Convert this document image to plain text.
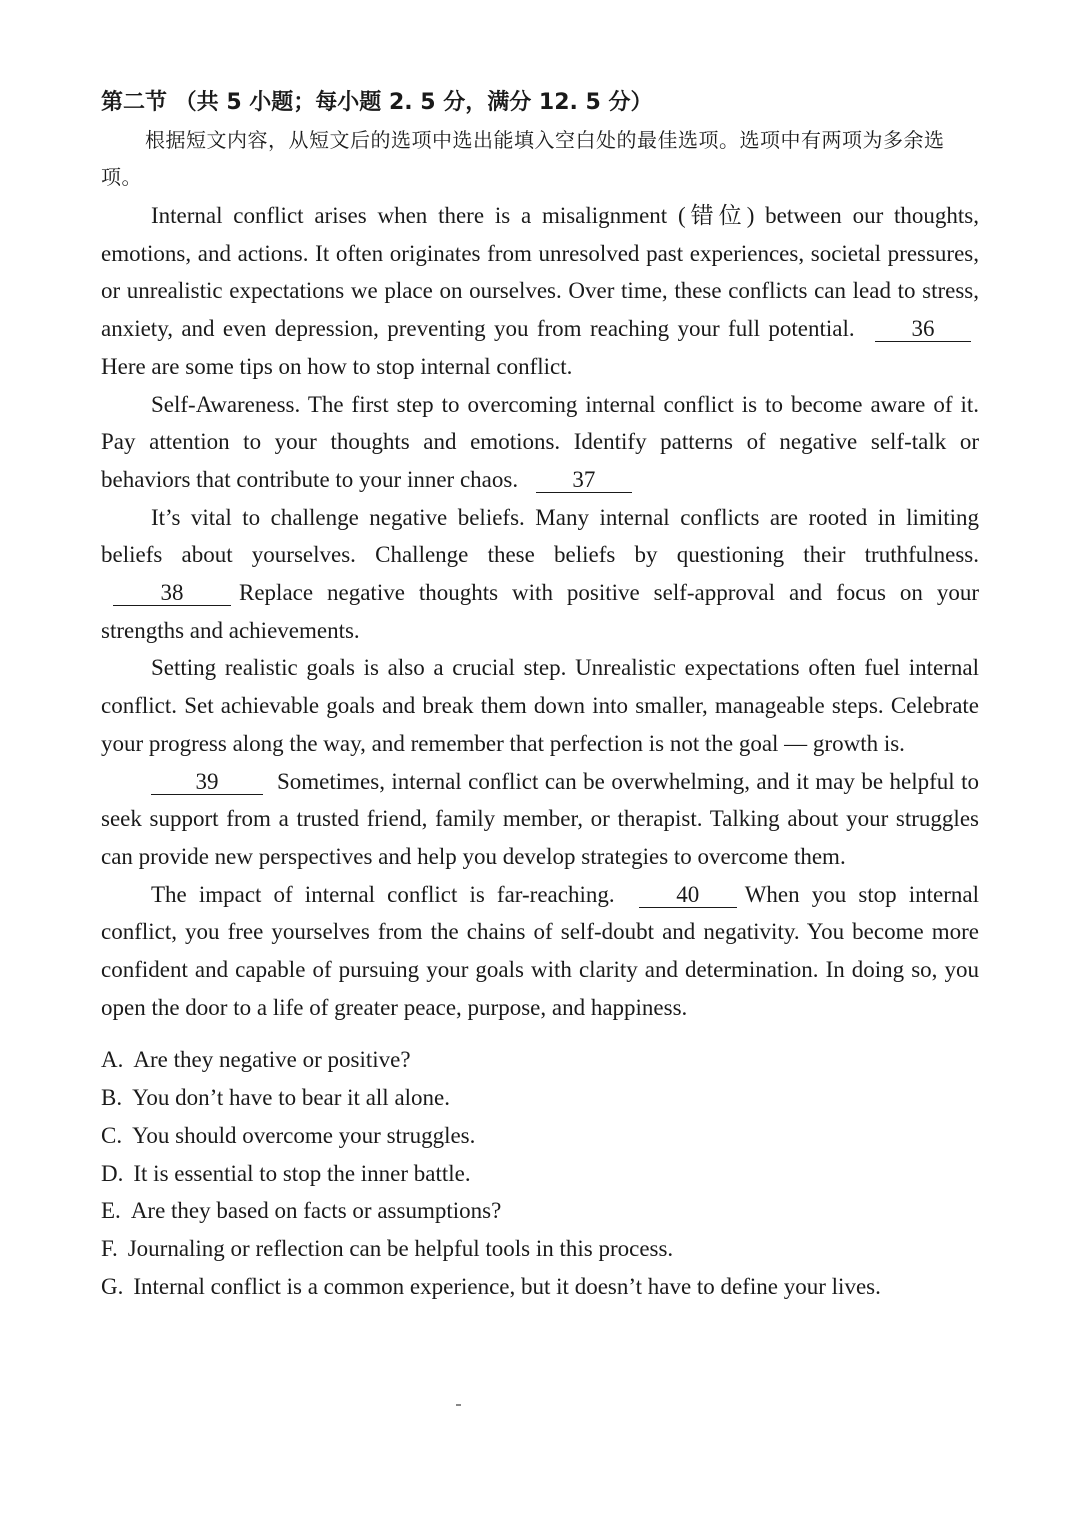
第二节 （共 5 小题；每小题 2. 5 分，满分 12. 5 分）

根据短文内容，从短文后的选项中选出能填入空白处的最佳选项。选项中有两项为多余选项。

Internal conflict arises when there is a misalignment (错位) between our thoughts, emotions, and actions. It often originates from unresolved past experiences, societal pressures, or unrealistic expectations we place on ourselves. Over time, these conflicts can lead to stress, anxiety, and even depression, preventing you from reaching your full potential. 36Here are some tips on how to stop internal conflict.

Self-Awareness. The first step to overcoming internal conflict is to become aware of it. Pay attention to your thoughts and emotions. Identify patterns of negative self-talk or behaviors that contribute to your inner chaos. 37

It’s vital to challenge negative beliefs. Many internal conflicts are rooted in limiting beliefs about yourselves. Challenge these beliefs by questioning their truthfulness. 38 Replace negative thoughts with positive self-approval and focus on your strengths and achievements.

Setting realistic goals is also a crucial step. Unrealistic expectations often fuel internal conflict. Set achievable goals and break them down into smaller, manageable steps. Celebrate your progress along the way, and remember that perfection is not the goal — growth is.

39	Sometimes, internal conflict can be overwhelming, and it may be helpful to seek support from a trusted friend, family member, or therapist. Talking about your struggles can provide new perspectives and help you develop strategies to overcome them.

The impact of internal conflict is far-reaching.	40 When you stop internal conflict, you free yourselves from the chains of self-doubt and negativity. You become more confident and capable of pursuing your goals with clarity and determination. In doing so, you open the door to a life of greater peace, purpose, and happiness.

A. Are they negative or positive?

B. You don’t have to bear it all alone.

C. You should overcome your struggles.

D. It is essential to stop the inner battle.

E. Are they based on facts or assumptions?

F. Journaling or reflection can be helpful tools in this process.

G. Internal conflict is a common experience, but it doesn’t have to define your lives.
